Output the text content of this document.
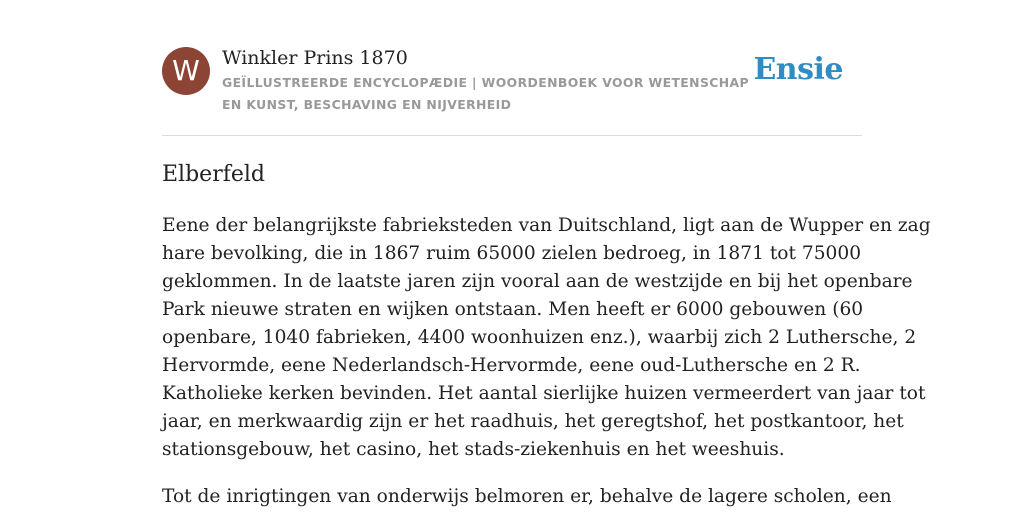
W	Winkler Prins 1870
GEÏLLUSTREERDE ENCYCLOPÆDIE | WOORDENBOEK VOOR WETENSCHAP EN KUNST, BESCHAVING EN NIJVERHEID
Ensie
Elberfeld

Eene der belangrijkste fabrieksteden van Duitschland, ligt aan de Wupper en zag
hare bevolking, die in 1867 ruim 65000 zielen bedroeg, in 1871 tot 75000
geklommen. In de laatste jaren zijn vooral aan de westzijde en bij het openbare
Park nieuwe straten en wijken ontstaan. Men heeft er 6000 gebouwen (60
openbare, 1040 fabrieken, 4400 woonhuizen enz.), waarbij zich 2 Luthersche, 2
Hervormde, eene Nederlandsch-Hervormde, eene oud-Luthersche en 2 R.
Katholieke kerken bevinden. Het aantal sierlijke huizen vermeerdert van jaar tot
jaar, en merkwaardig zijn er het raadhuis, het geregtshof, het postkantoor, het
stationsgebouw, het casino, het stads-ziekenhuis en het weeshuis.

Tot de inrigtingen van onderwijs belmoren er, behalve de lagere scholen, een
